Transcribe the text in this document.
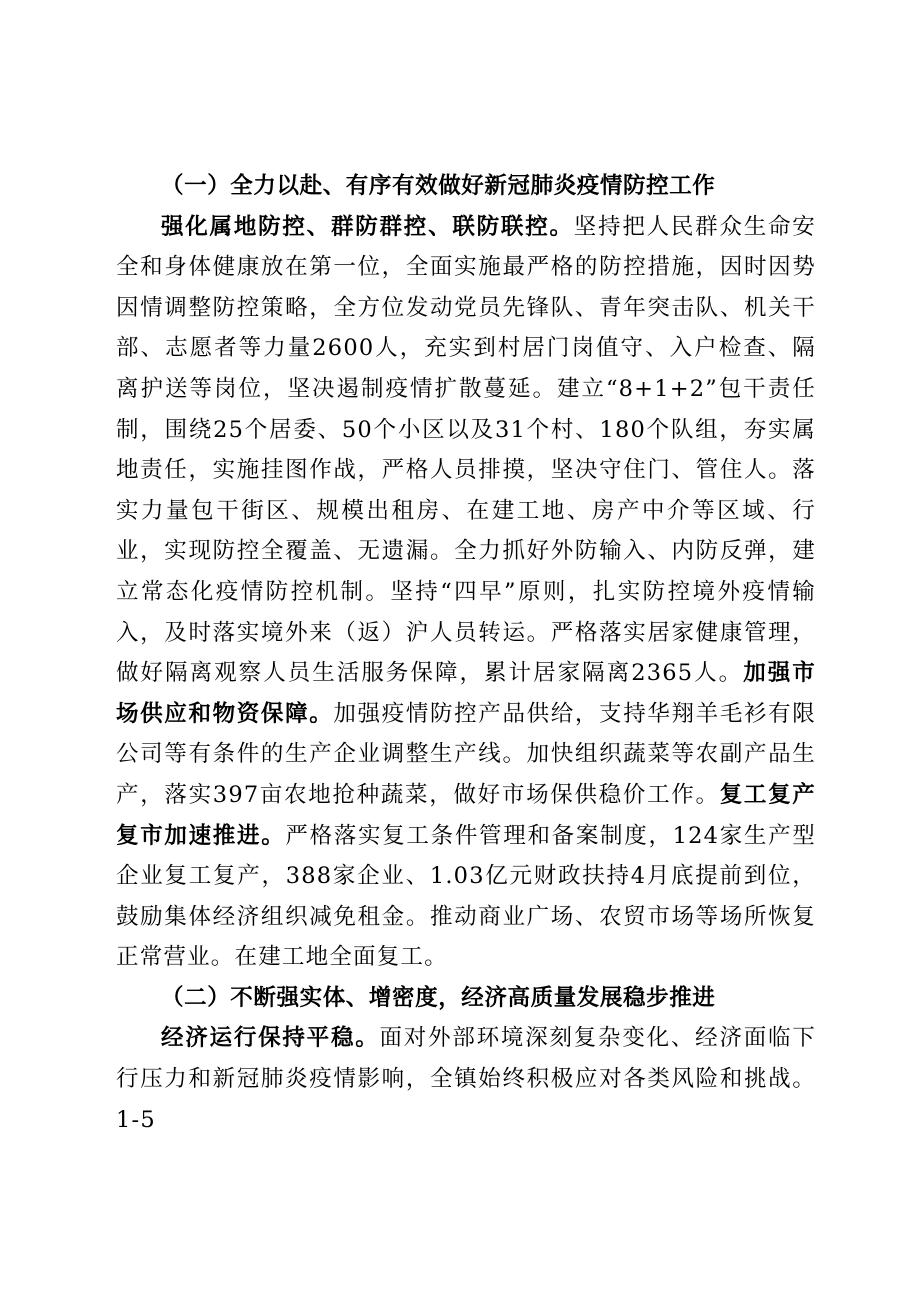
（一）全力以赴、有序有效做好新冠肺炎疫情防控工作

强化属地防控、群防群控、联防联控。坚持把人民群众生命安全和身体健康放在第一位，全面实施最严格的防控措施，因时因势因情调整防控策略，全方位发动党员先锋队、青年突击队、机关干部、志愿者等力量2600人，充实到村居门岗值守、入户检查、隔离护送等岗位，坚决遏制疫情扩散蔓延。建立“8+1+2”包干责任制，围绕25个居委、50个小区以及31个村、180个队组，夯实属地责任，实施挂图作战，严格人员排摸，坚决守住门、管住人。落实力量包干街区、规模出租房、在建工地、房产中介等区域、行业，实现防控全覆盖、无遗漏。全力抓好外防输入、内防反弹，建立常态化疫情防控机制。坚持“四早”原则，扎实防控境外疫情输入，及时落实境外来（返）沪人员转运。严格落实居家健康管理，做好隔离观察人员生活服务保障，累计居家隔离2365人。加强市场供应和物资保障。加强疫情防控产品供给，支持华翔羊毛衫有限公司等有条件的生产企业调整生产线。加快组织蔬菜等农副产品生产，落实397亩农地抢种蔬菜，做好市场保供稳价工作。复工复产复市加速推进。严格落实复工条件管理和备案制度，124家生产型企业复工复产，388家企业、1.03亿元财政扶持4月底提前到位，鼓励集体经济组织减免租金。推动商业广场、农贸市场等场所恢复正常营业。在建工地全面复工。

（二）不断强实体、增密度，经济高质量发展稳步推进

经济运行保持平稳。面对外部环境深刻复杂变化、经济面临下行压力和新冠肺炎疫情影响，全镇始终积极应对各类风险和挑战。1-5
